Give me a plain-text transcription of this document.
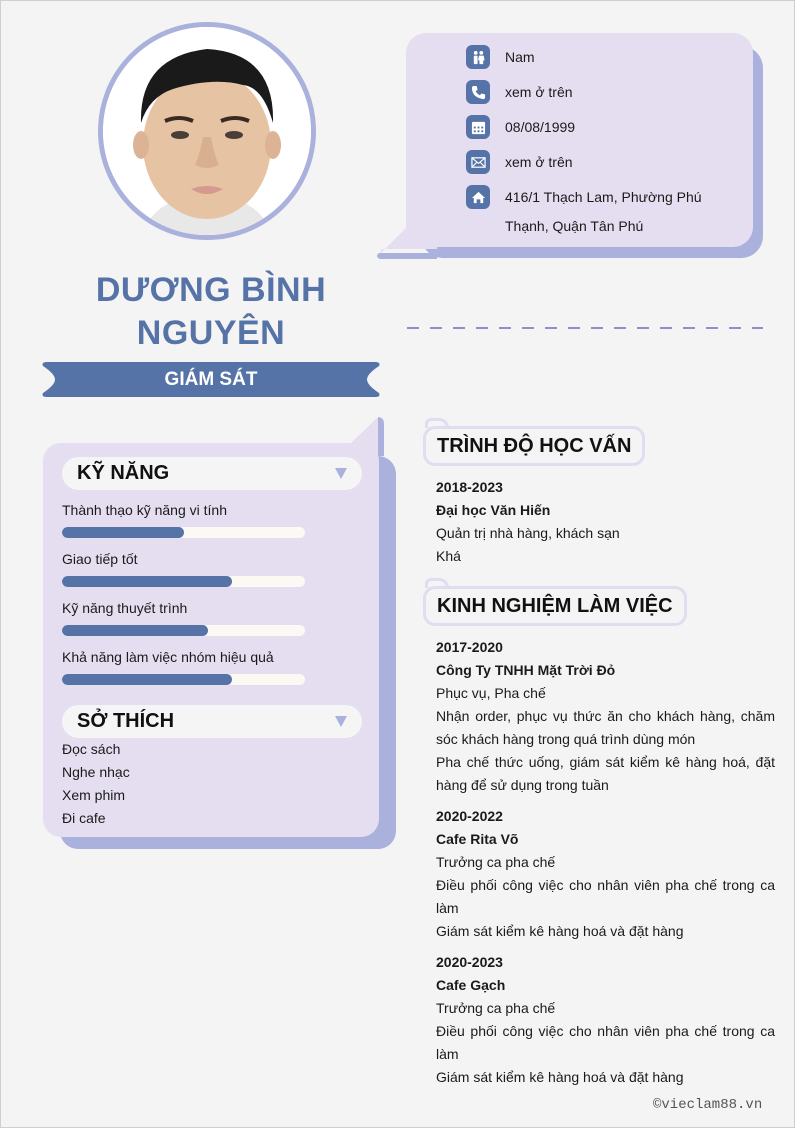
Nam
xem ở trên
08/08/1999
xem ở trên
416/1 Thạch Lam, Phường Phú
Thạnh, Quận Tân Phú
DƯƠNG BÌNH
NGUYÊN
GIÁM SÁT
KỸ NĂNG
Thành thạo kỹ năng vi tính
Giao tiếp tốt
Kỹ năng thuyết trình
Khả năng làm việc nhóm hiệu quả
SỞ THÍCH
Đọc sách
Nghe nhạc
Xem phim
Đi cafe
TRÌNH ĐỘ HỌC VẤN
2018-2023
Đại học Văn Hiến
Quản trị nhà hàng, khách sạn
Khá
KINH NGHIỆM LÀM VIỆC
2017-2020
Công Ty TNHH Mặt Trời Đỏ
Phục vụ, Pha chế
Nhận order, phục vụ thức ăn cho khách hàng, chăm sóc khách hàng trong quá trình dùng món
Pha chế thức uống, giám sát kiểm kê hàng hoá, đặt hàng để sử dụng trong tuần
2020-2022
Cafe Rita Võ
Trưởng ca pha chế
Điều phối công việc cho nhân viên pha chế trong ca làm
Giám sát kiểm kê hàng hoá và đặt hàng
2020-2023
Cafe Gạch
Trưởng ca pha chế
Điều phối công việc cho nhân viên pha chế trong ca làm
Giám sát kiểm kê hàng hoá và đặt hàng
©vieclam88.vn
